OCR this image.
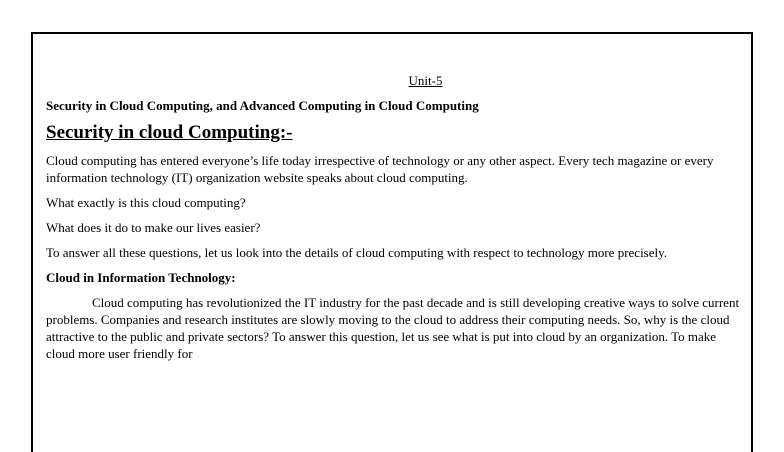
Unit-5
Security in Cloud Computing, and Advanced Computing in Cloud Computing
Security in cloud Computing:-

Cloud computing has entered everyone’s life today irrespective of technology or any other aspect. Every tech magazine or every information technology (IT) organization website speaks about cloud computing.

What exactly is this cloud computing?

What does it do to make our lives easier?

To answer all these questions, let us look into the details of cloud computing with respect to technology more precisely.

Cloud in Information Technology:

Cloud computing has revolutionized the IT industry for the past decade and is still developing creative ways to solve current problems. Companies and research institutes are slowly moving to the cloud to address their computing needs. So, why is the cloud attractive to the public and private sectors? To answer this question, let us see what is put into cloud by an organization. To make cloud more user friendly for
